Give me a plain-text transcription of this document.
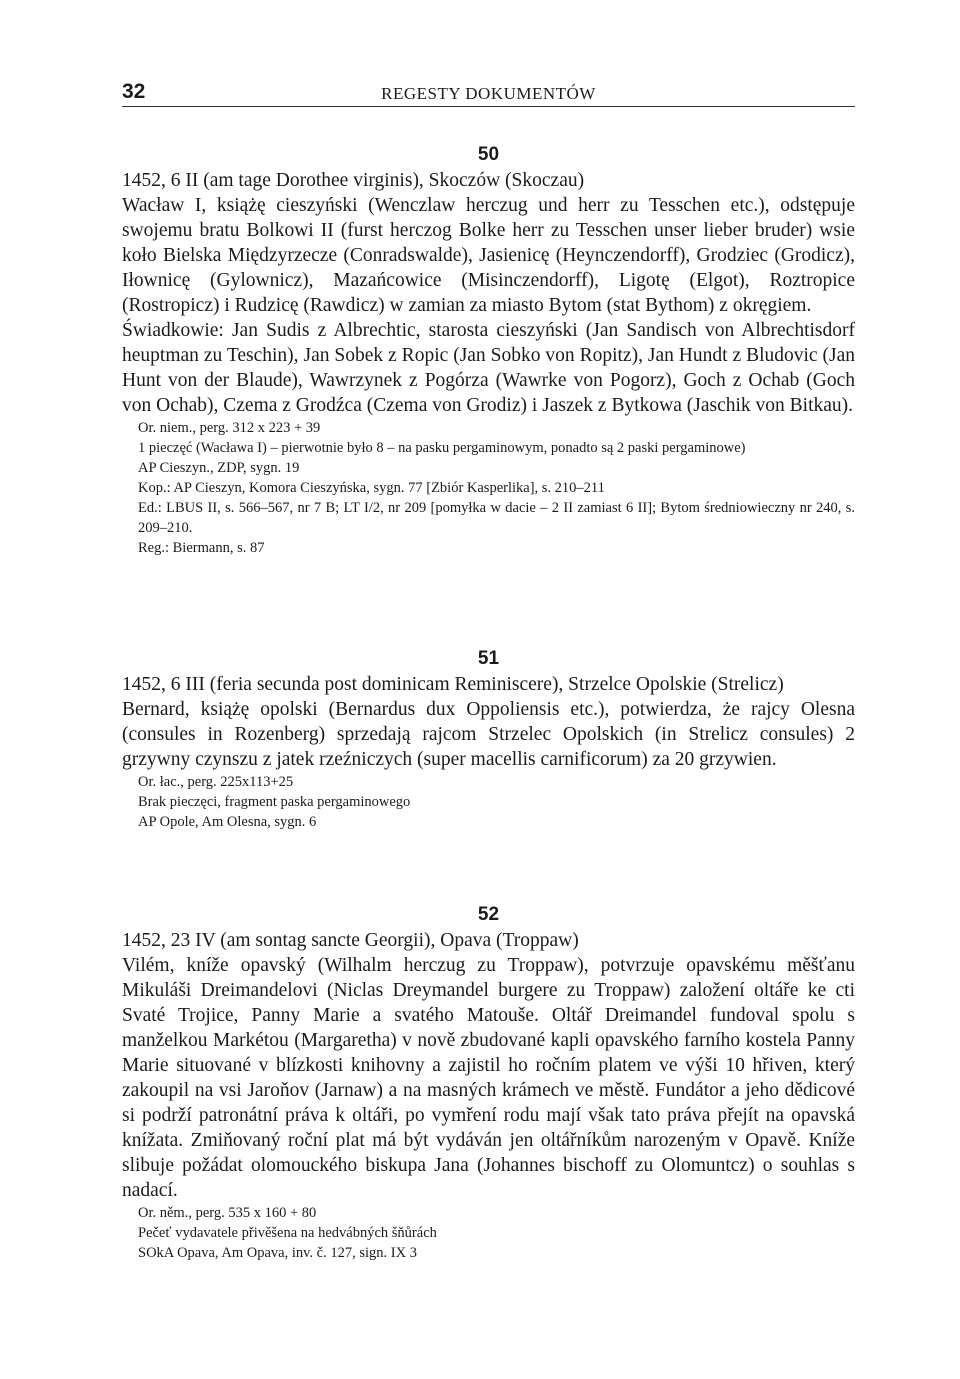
32	REGESTY DOKUMENTÓW

50

1452, 6 II (am tage Dorothee virginis), Skoczów (Skoczau)

Wacław I, książę cieszyński (Wenczlaw herczug und herr zu Tesschen etc.), odstępuje swojemu bratu Bolkowi II (furst herczog Bolke herr zu Tesschen unser lieber bruder) wsie koło Bielska Międzyrzecze (Conradswalde), Jasienicę (Heynczendorff), Grodziec (Grodicz), Iłownicę (Gylownicz), Mazańcowice (Misinczendorff), Ligotę (Elgot), Roztropice (Rostropicz) i Rudzicę (Rawdicz) w zamian za miasto Bytom (stat Bythom) z okręgiem.

Świadkowie: Jan Sudis z Albrechtic, starosta cieszyński (Jan Sandisch von Albrechtisdorf heuptman zu Teschin), Jan Sobek z Ropic (Jan Sobko von Ropitz), Jan Hundt z Bludovic (Jan Hunt von der Blaude), Wawrzynek z Pogórza (Wawrke von Pogorz), Goch z Ochab (Goch von Ochab), Czema z Grodźca (Czema von Grodiz) i Jaszek z Bytkowa (Jaschik von Bitkau).

Or. niem., perg. 312 x 223 + 39

1 pieczęć (Wacława I) – pierwotnie było 8 – na pasku pergaminowym, ponadto są 2 paski pergaminowe)

AP Cieszyn., ZDP, sygn. 19

Kop.: AP Cieszyn, Komora Cieszyńska, sygn. 77 [Zbiór Kasperlika], s. 210–211

Ed.: LBUS II, s. 566–567, nr 7 B; LT I/2, nr 209 [pomyłka w dacie – 2 II zamiast 6 II]; Bytom średniowieczny nr 240, s. 209–210.

Reg.: Biermann, s. 87

51

1452, 6 III (feria secunda post dominicam Reminiscere), Strzelce Opolskie (Strelicz)

Bernard, książę opolski (Bernardus dux Oppoliensis etc.), potwierdza, że rajcy Olesna (consules in Rozenberg) sprzedają rajcom Strzelec Opolskich (in Strelicz consules) 2 grzywny czynszu z jatek rzeźniczych (super macellis carnificorum) za 20 grzywien.

Or. łac., perg. 225x113+25

Brak pieczęci, fragment paska pergaminowego

AP Opole, Am Olesna, sygn. 6

52

1452, 23 IV (am sontag sancte Georgii), Opava (Troppaw)

Vilém, kníže opavský (Wilhalm herczug zu Troppaw), potvrzuje opavskému měšťanu Mikuláši Dreimandelovi (Niclas Dreymandel burgere zu Troppaw) založení oltáře ke cti Svaté Trojice, Panny Marie a svatého Matouše. Oltář Dreimandel fundoval spolu s manželkou Markétou (Margaretha) v nově zbudované kapli opavského farního kostela Panny Marie situované v blízkosti knihovny a zajistil ho ročním platem ve výši 10 hřiven, který zakoupil na vsi Jaroňov (Jarnaw) a na masných krámech ve městě. Fundátor a jeho dědicové si podrží patronátní práva k oltáři, po vymření rodu mají však tato práva přejít na opavská knížata. Zmiňovaný roční plat má být vydáván jen oltářníkům narozeným v Opavě. Kníže slibuje požádat olomouckého biskupa Jana (Johannes bischoff zu Olomuntcz) o souhlas s nadací.

Or. něm., perg. 535 x 160 + 80

Pečeť vydavatele přivěšena na hedvábných šňůrách

SOkA Opava, Am Opava, inv. č. 127, sign. IX 3
